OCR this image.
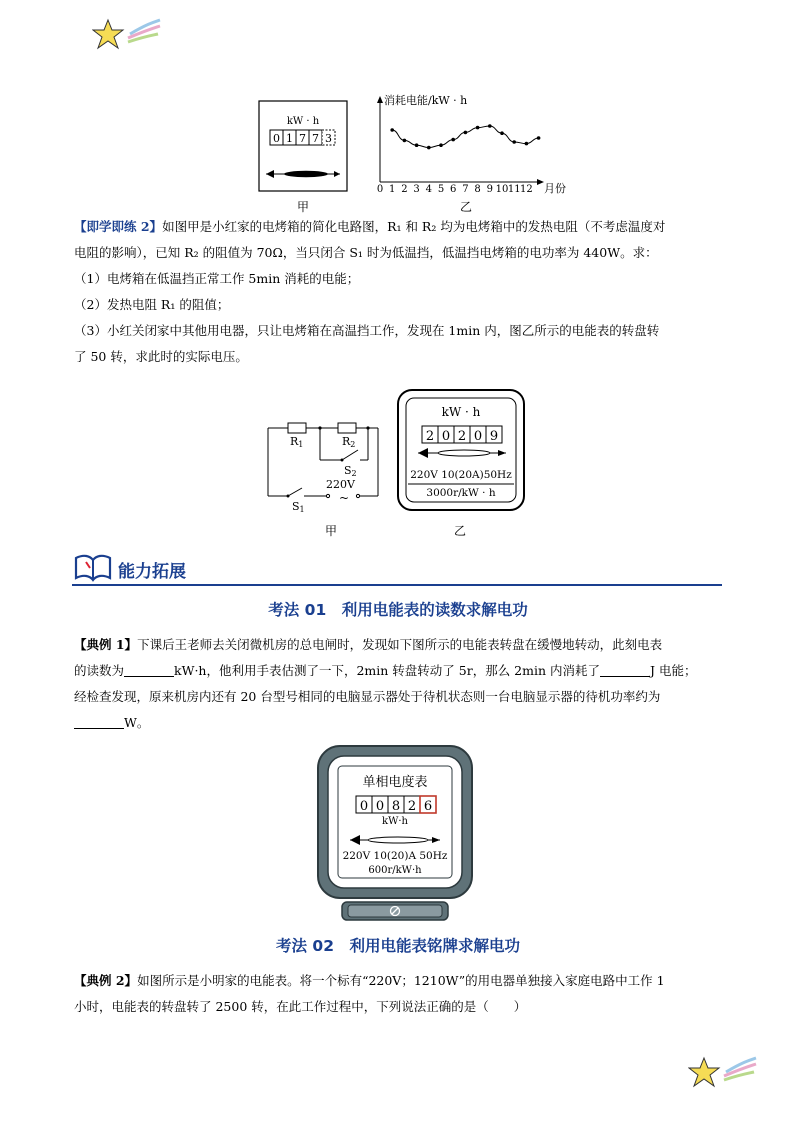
kW · h
0 1 7 7 3
甲
消耗电能/kW · h
月份
0 1 2 3 4 5 6 7 8 9 10 11 12
乙
【即学即练 2】如图甲是小红家的电烤箱的简化电路图，R₁ 和 R₂ 均为电烤箱中的发热电阻（不考虑温度对
电阻的影响），已知 R₂ 的阻值为 70Ω，当只闭合 S₁ 时为低温挡，低温挡电烤箱的电功率为 440W。求：
（1）电烤箱在低温挡正常工作 5min 消耗的电能；
（2）发热电阻 R₁ 的阻值；
（3）小红关闭家中其他用电器，只让电烤箱在高温挡工作，发现在 1min 内，图乙所示的电能表的转盘转
了 50 转，求此时的实际电压。
R1	R2
S2
S1
220V
~
甲
kW · h
2 0 2 0 9
220V 10(20A)50Hz
3000r/kW · h
乙
能力拓展
考法 01　利用电能表的读数求解电功
【典例 1】下课后王老师去关闭微机房的总电闸时，发现如下图所示的电能表转盘在缓慢地转动，此刻电表
的读数为	kW·h，他利用手表估测了一下，2min 转盘转动了 5r，那么 2min 内消耗了	J 电能；
经检查发现，原来机房内还有 20 台型号相同的电脑显示器处于待机状态则一台电脑显示器的待机功率约为
W。
单相电度表
0 0 8 2 6
kW·h
220V 10(20)A 50Hz
600r/kW·h
考法 02　利用电能表铭牌求解电功
【典例 2】如图所示是小明家的电能表。将一个标有“220V；1210W”的用电器单独接入家庭电路中工作 1
小时，电能表的转盘转了 2500 转，在此工作过程中，下列说法正确的是（　　）
